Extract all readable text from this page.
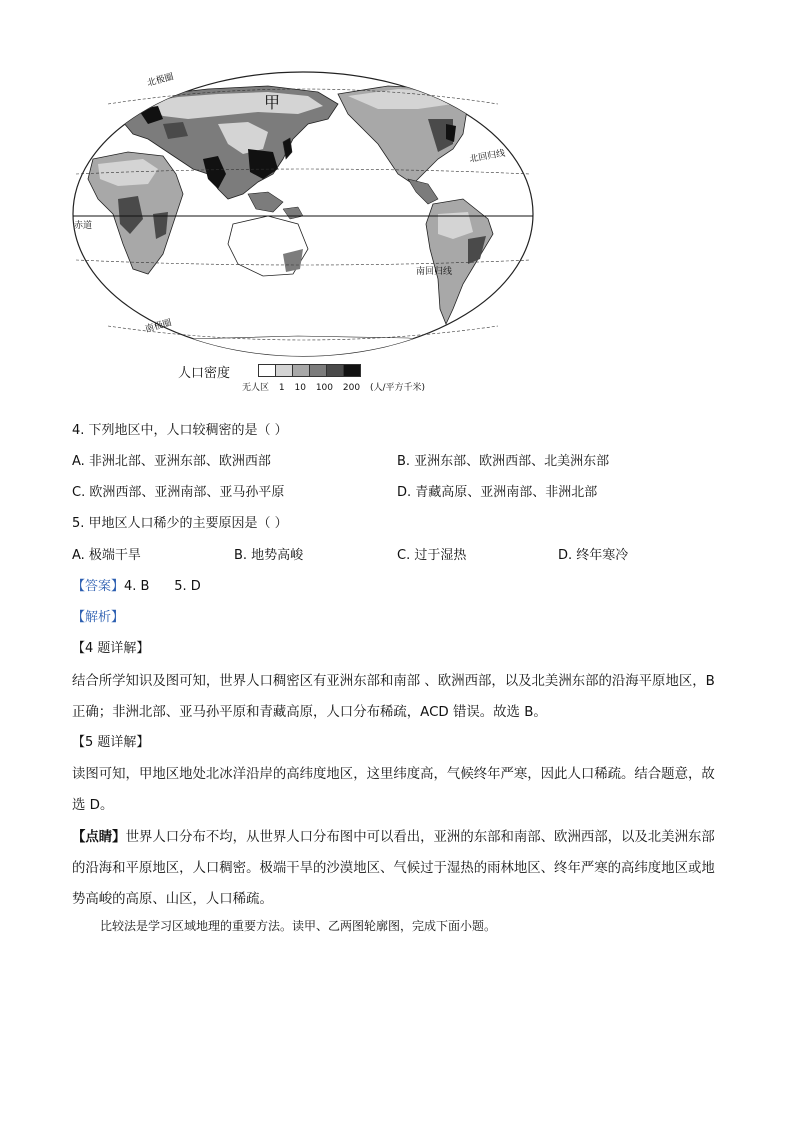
北极圈
甲
北回归线
赤道
南回归线
南极圈
人口密度
无人区 1 10 100 200 (人/平方千米)
4. 下列地区中，人口较稠密的是（ ）
A. 非洲北部、亚洲东部、欧洲西部	B. 亚洲东部、欧洲西部、北美洲东部
C. 欧洲西部、亚洲南部、亚马孙平原	D. 青藏高原、亚洲南部、非洲北部
5. 甲地区人口稀少的主要原因是（ ）
A. 极端干旱	B. 地势高峻	C. 过于湿热	D. 终年寒冷
【答案】4. B      5. D
【解析】
【4 题详解】
结合所学知识及图可知，世界人口稠密区有亚洲东部和南部 、欧洲西部，以及北美洲东部的沿海平原地区，B 正确；非洲北部、亚马孙平原和青藏高原，人口分布稀疏，ACD 错误。故选 B。
【5 题详解】
读图可知，甲地区地处北冰洋沿岸的高纬度地区，这里纬度高，气候终年严寒，因此人口稀疏。结合题意，故选 D。
【点睛】世界人口分布不均，从世界人口分布图中可以看出，亚洲的东部和南部、欧洲西部，以及北美洲东部的沿海和平原地区，人口稠密。极端干旱的沙漠地区、气候过于湿热的雨林地区、终年严寒的高纬度地区或地势高峻的高原、山区，人口稀疏。
比较法是学习区域地理的重要方法。读甲、乙两图轮廓图，完成下面小题。
